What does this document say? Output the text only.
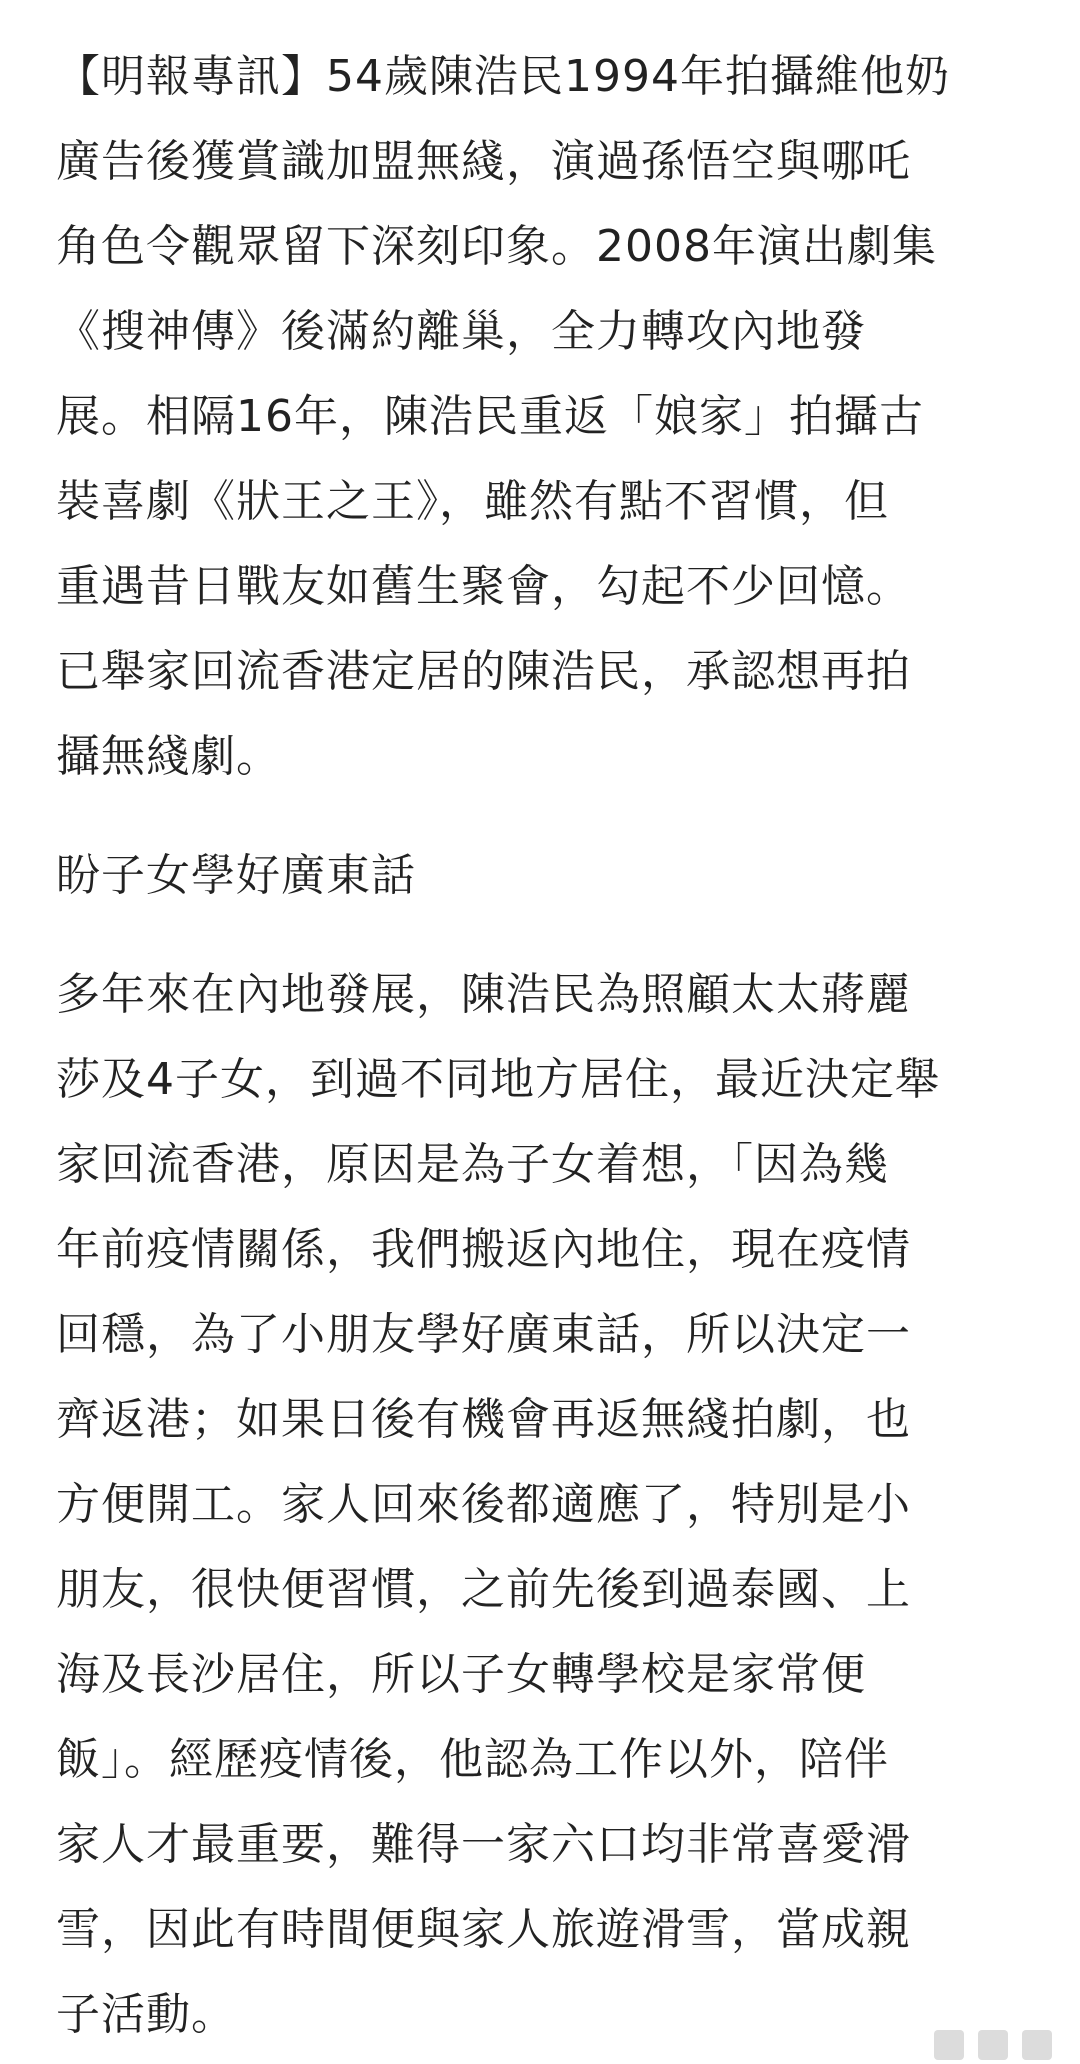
【明報專訊】54歲陳浩民1994年拍攝維他奶
廣告後獲賞識加盟無綫，演過孫悟空與哪吒
角色令觀眾留下深刻印象。2008年演出劇集
《搜神傳》後滿約離巢，全力轉攻內地發
展。相隔16年，陳浩民重返「娘家」拍攝古
裝喜劇《狀王之王》，雖然有點不習慣，但
重遇昔日戰友如舊生聚會，勾起不少回憶。
已舉家回流香港定居的陳浩民，承認想再拍
攝無綫劇。

盼子女學好廣東話

多年來在內地發展，陳浩民為照顧太太蔣麗
莎及4子女，到過不同地方居住，最近決定舉
家回流香港，原因是為子女着想，「因為幾
年前疫情關係，我們搬返內地住，現在疫情
回穩，為了小朋友學好廣東話，所以決定一
齊返港；如果日後有機會再返無綫拍劇，也
方便開工。家人回來後都適應了，特別是小
朋友，很快便習慣，之前先後到過泰國、上
海及長沙居住，所以子女轉學校是家常便
飯」。經歷疫情後，他認為工作以外，陪伴
家人才最重要，難得一家六口均非常喜愛滑
雪，因此有時間便與家人旅遊滑雪，當成親
子活動。
